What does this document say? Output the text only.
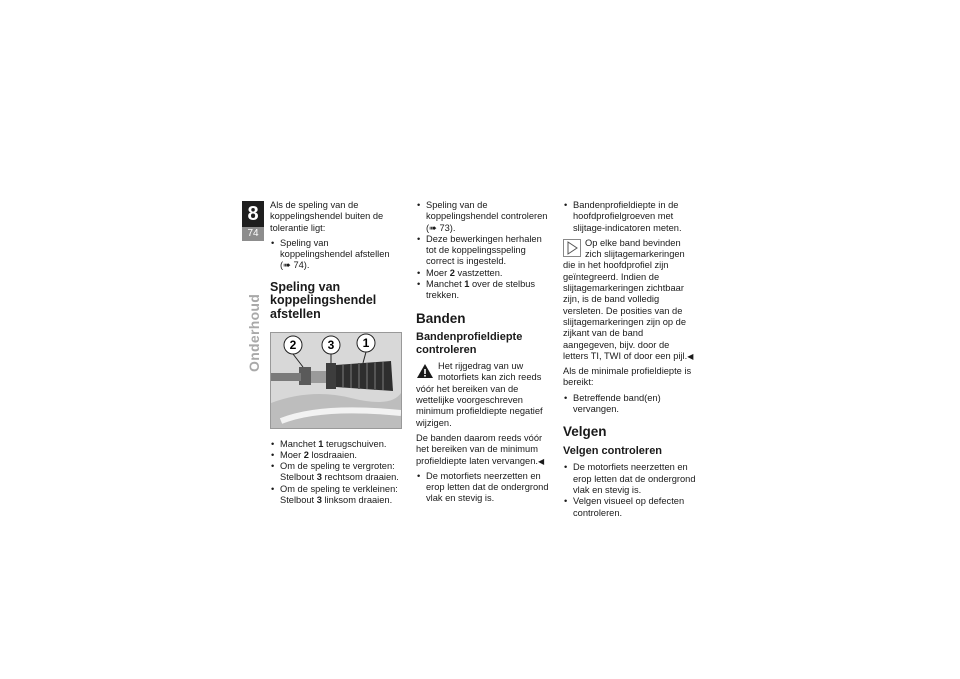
8
74
Onderhoud

Als de speling van de koppelingshendel buiten de tolerantie ligt:

• Speling van koppelingshendel afstellen (➠ 74).
Speling van koppelingshendel afstellen
2	3 1
• Manchet 1 terugschuiven.
• Moer 2 losdraaien.
• Om de speling te vergroten: Stelbout 3 rechtsom draaien.
• Om de speling te verkleinen: Stelbout 3 linksom draaien.
• Speling van de koppelingshendel controleren (➠ 73).
• Deze bewerkingen herhalen tot de koppelingsspeling correct is ingesteld.
• Moer 2 vastzetten.
• Manchet 1 over de stelbus trekken.
Banden
Bandenprofieldiepte controleren

Het rijgedrag van uw motorfiets kan zich reeds vóór het bereiken van de wettelijke voorgeschreven minimum profieldiepte negatief wijzigen.

De banden daarom reeds vóór het bereiken van de minimum profieldiepte laten vervangen.◀

• De motorfiets neerzetten en erop letten dat de ondergrond vlak en stevig is.
• Bandenprofieldiepte in de hoofdprofielgroeven met slijtage-indicatoren meten.

Op elke band bevinden zich slijtagemarkeringen die in het hoofdprofiel zijn geïntegreerd. Indien de slijtagemarkeringen zichtbaar zijn, is de band volledig versleten. De posities van de slijtagemarkeringen zijn op de zijkant van de band aangegeven, bijv. door de letters TI, TWI of door een pijl.◀

Als de minimale profieldiepte is bereikt:

• Betreffende band(en) vervangen.
Velgen
Velgen controleren
• De motorfiets neerzetten en erop letten dat de ondergrond vlak en stevig is.
• Velgen visueel op defecten controleren.
